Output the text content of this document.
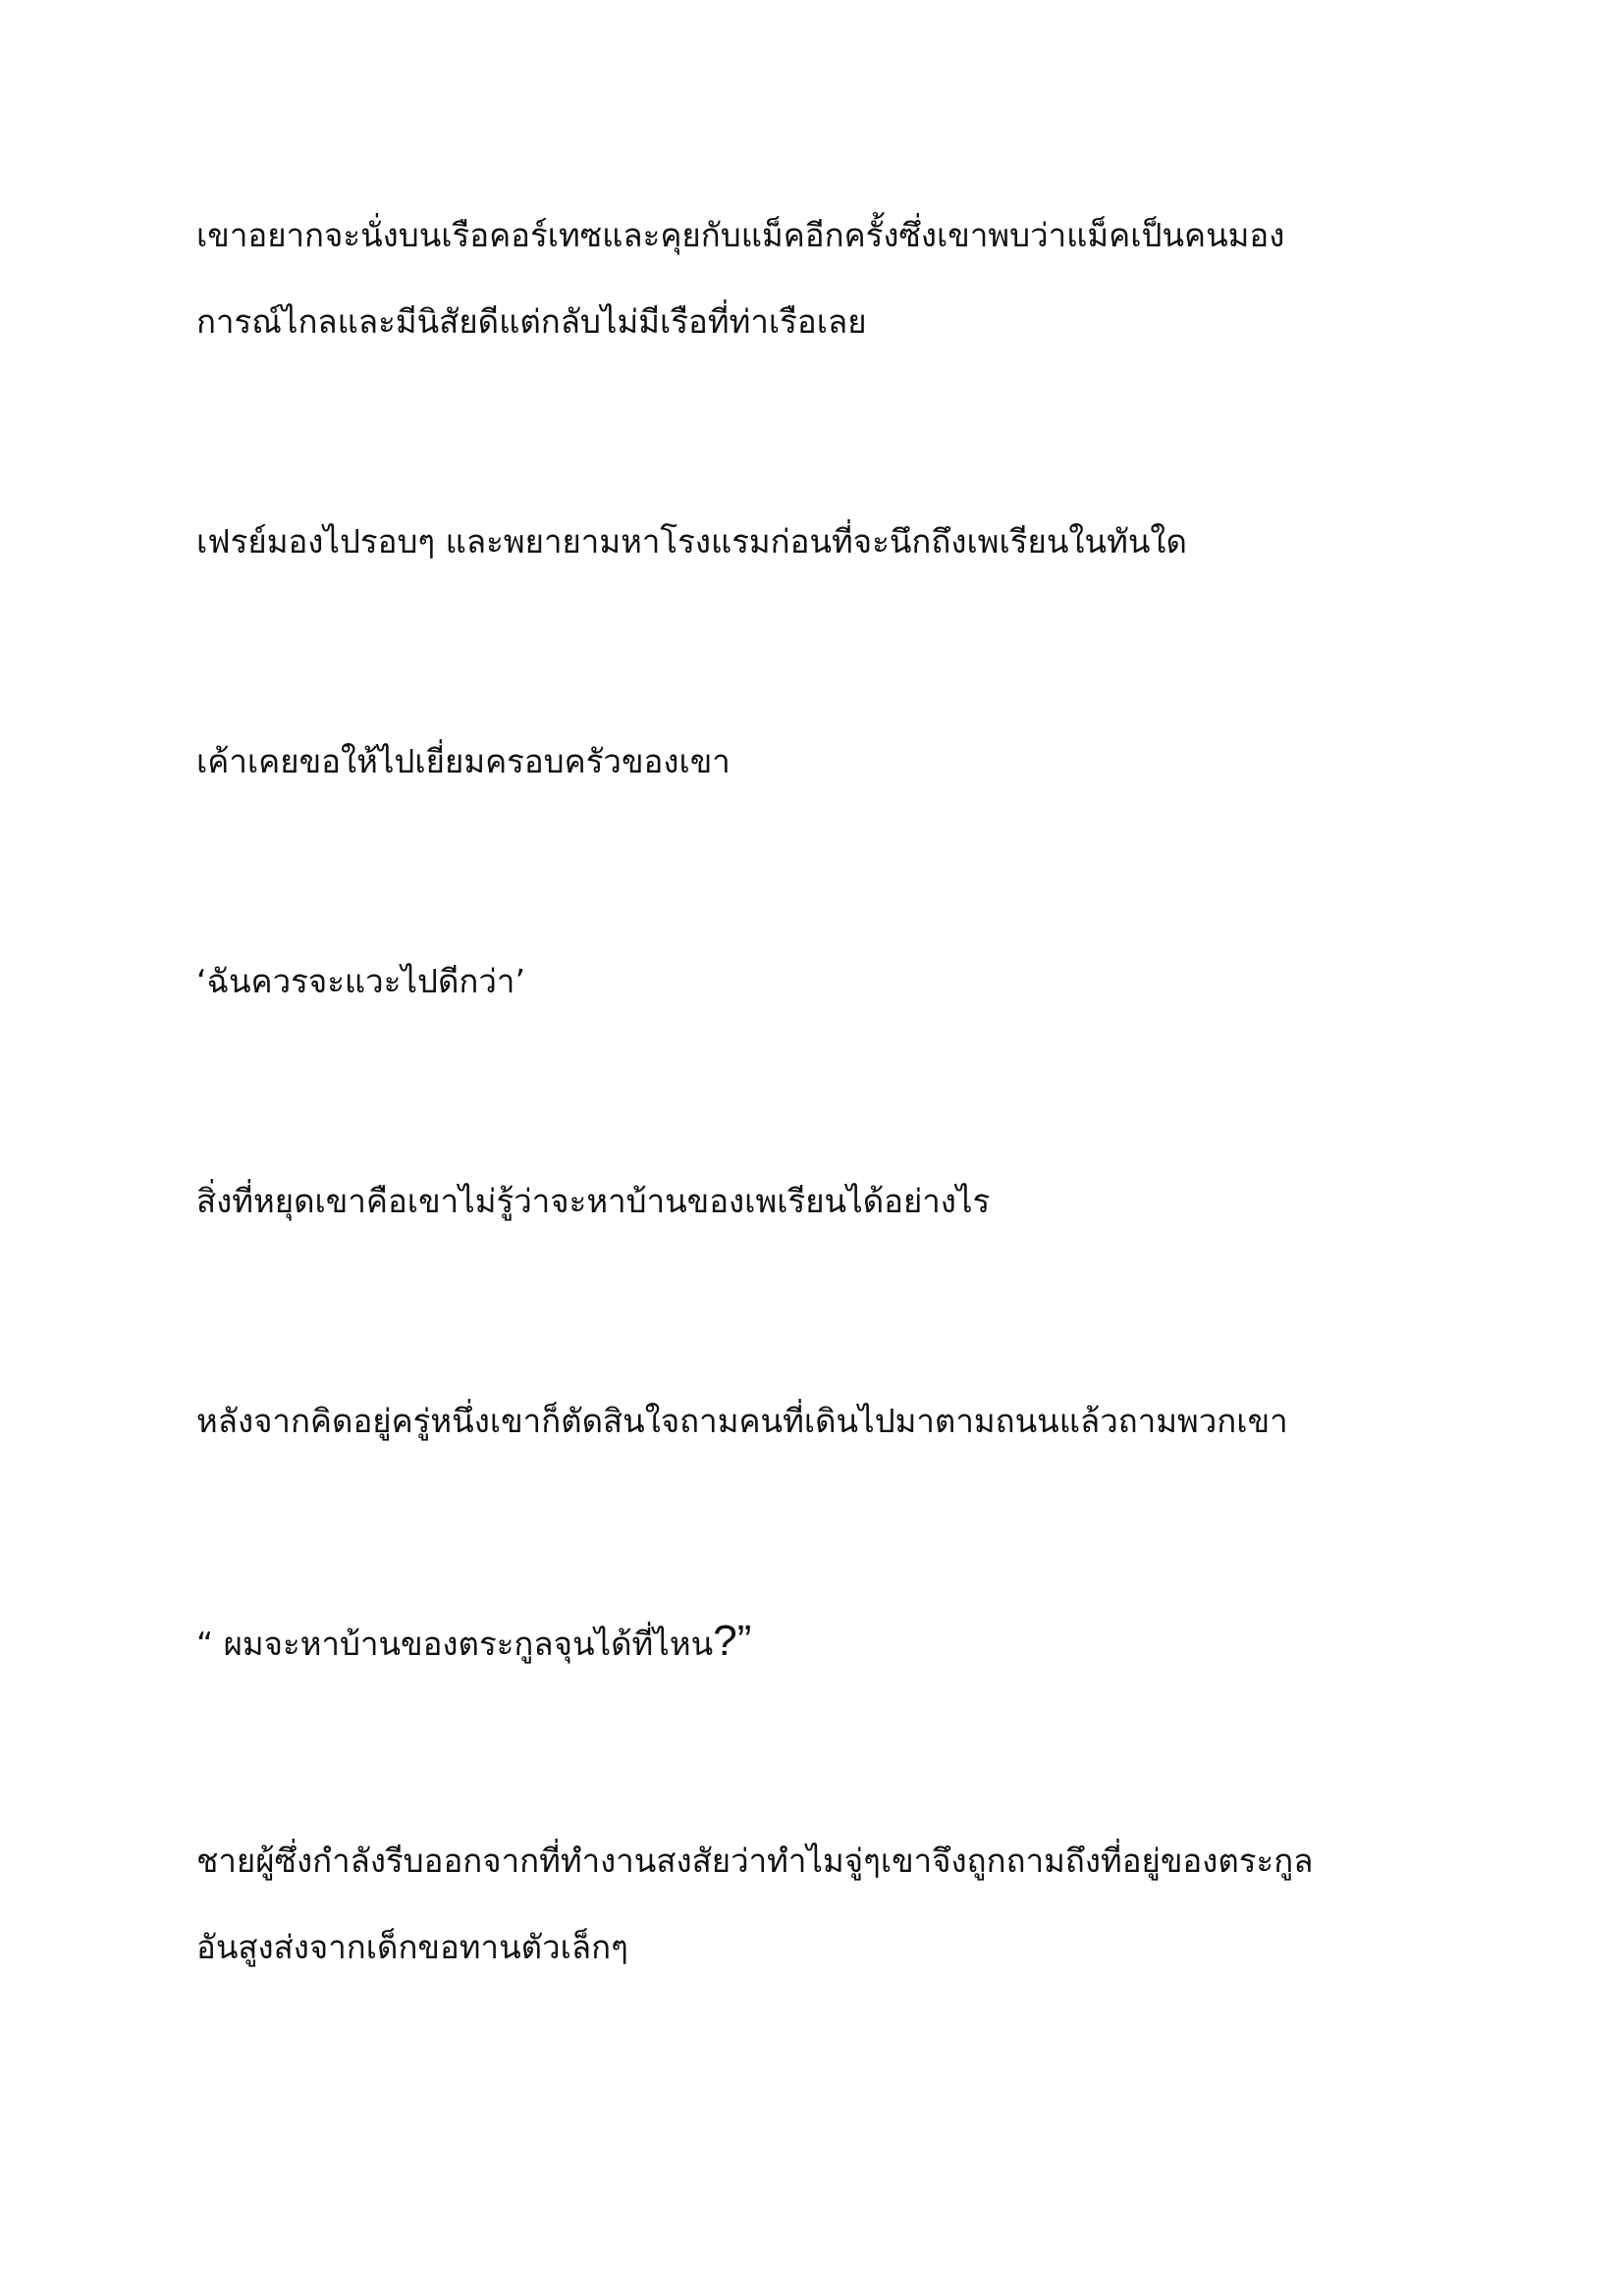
เขาอยากจะนั่งบนเรือคอร์เทซและคุยกับแม็คอีกครั้งซึ่งเขาพบว่าแม็คเป็นคนมอง
การณ์ไกลและมีนิสัยดีแต่กลับไม่มีเรือที่ท่าเรือเลย

เฟรย์มองไปรอบๆ และพยายามหาโรงแรมก่อนที่จะนึกถึงเพเรียนในทันใด

เค้าเคยขอให้ไปเยี่ยมครอบครัวของเขา

‘ฉันควรจะแวะไปดีกว่า’

สิ่งที่หยุดเขาคือเขาไม่รู้ว่าจะหาบ้านของเพเรียนได้อย่างไร

หลังจากคิดอยู่ครู่หนึ่งเขาก็ตัดสินใจถามคนที่เดินไปมาตามถนนแล้วถามพวกเขา

“ ผมจะหาบ้านของตระกูลจุนได้ที่ไหน?”

ชายผู้ซึ่งกำลังรีบออกจากที่ทำงานสงสัยว่าทำไมจู่ๆเขาจึงถูกถามถึงที่อยู่ของตระกูล
อันสูงส่งจากเด็กขอทานตัวเล็กๆ
